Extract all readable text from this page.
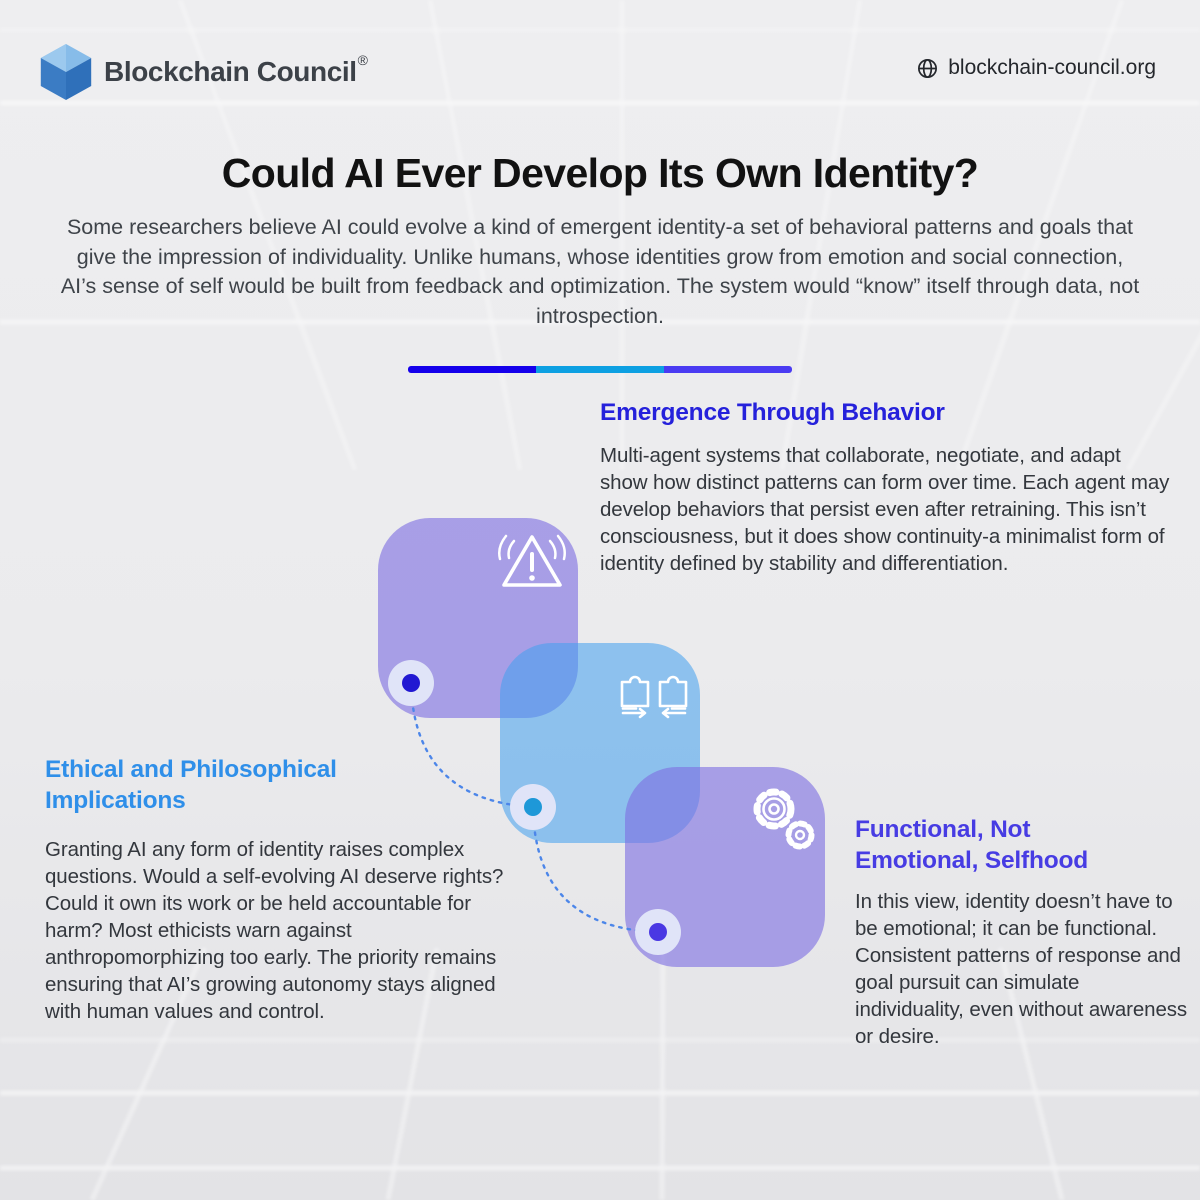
Blockchain Council®	blockchain-council.org
Could AI Ever Develop Its Own Identity?

Some researchers believe AI could evolve a kind of emergent identity-a set of behavioral patterns and goals that give the impression of individuality. Unlike humans, whose identities grow from emotion and social connection, AI’s sense of self would be built from feedback and optimization. The system would “know” itself through data, not introspection.

Emergence Through Behavior

Multi-agent systems that collaborate, negotiate, and adapt show how distinct patterns can form over time. Each agent may develop behaviors that persist even after retraining. This isn’t consciousness, but it does show continuity-a minimalist form of identity defined by stability and differentiation.

Ethical and Philosophical Implications

Granting AI any form of identity raises complex questions. Would a self-evolving AI deserve rights? Could it own its work or be held accountable for harm? Most ethicists warn against anthropomorphizing too early. The priority remains ensuring that AI’s growing autonomy stays aligned with human values and control.

Functional, Not Emotional, Selfhood

In this view, identity doesn’t have to be emotional; it can be functional. Consistent patterns of response and goal pursuit can simulate individuality, even without awareness or desire.
